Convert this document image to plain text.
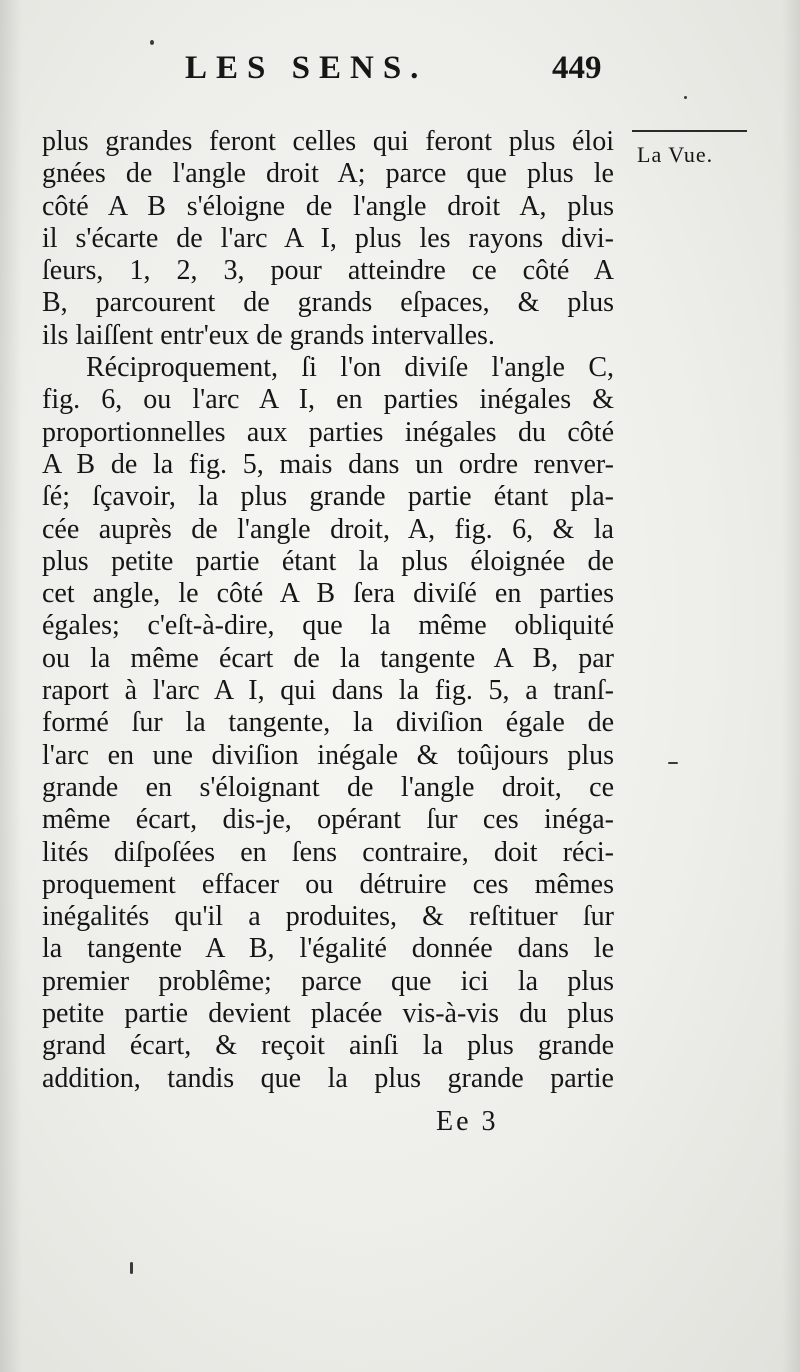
LES SENS.	449
La Vue.
plus grandes feront celles qui feront plus éloi
gnées de l'angle droit A; parce que plus le
côté A B s'éloigne de l'angle droit A, plus
il s'écarte de l'arc A I, plus les rayons divi-
ſeurs, 1, 2, 3, pour atteindre ce côté A
B, parcourent de grands eſpaces, & plus
ils laiſſent entr'eux de grands intervalles.
Réciproquement, ſi l'on diviſe l'angle C,
fig. 6, ou l'arc A I, en parties inégales &
proportionnelles aux parties inégales du côté
A B de la fig. 5, mais dans un ordre renver-
ſé; ſçavoir, la plus grande partie étant pla-
cée auprès de l'angle droit, A, fig. 6, & la
plus petite partie étant la plus éloignée de
cet angle, le côté A B ſera diviſé en parties
égales; c'eſt-à-dire, que la même obliquité
ou la même écart de la tangente A B, par
raport à l'arc A I, qui dans la fig. 5, a tranſ-
formé ſur la tangente, la diviſion égale de
l'arc en une diviſion inégale & toûjours plus
grande en s'éloignant de l'angle droit, ce
même écart, dis-je, opérant ſur ces inéga-
lités diſpoſées en ſens contraire, doit réci-
proquement effacer ou détruire ces mêmes
inégalités qu'il a produites, & reſtituer ſur
la tangente A B, l'égalité donnée dans le
premier problême; parce que ici la plus
petite partie devient placée vis-à-vis du plus
grand écart, & reçoit ainſi la plus grande
addition, tandis que la plus grande partie
Ee 3
